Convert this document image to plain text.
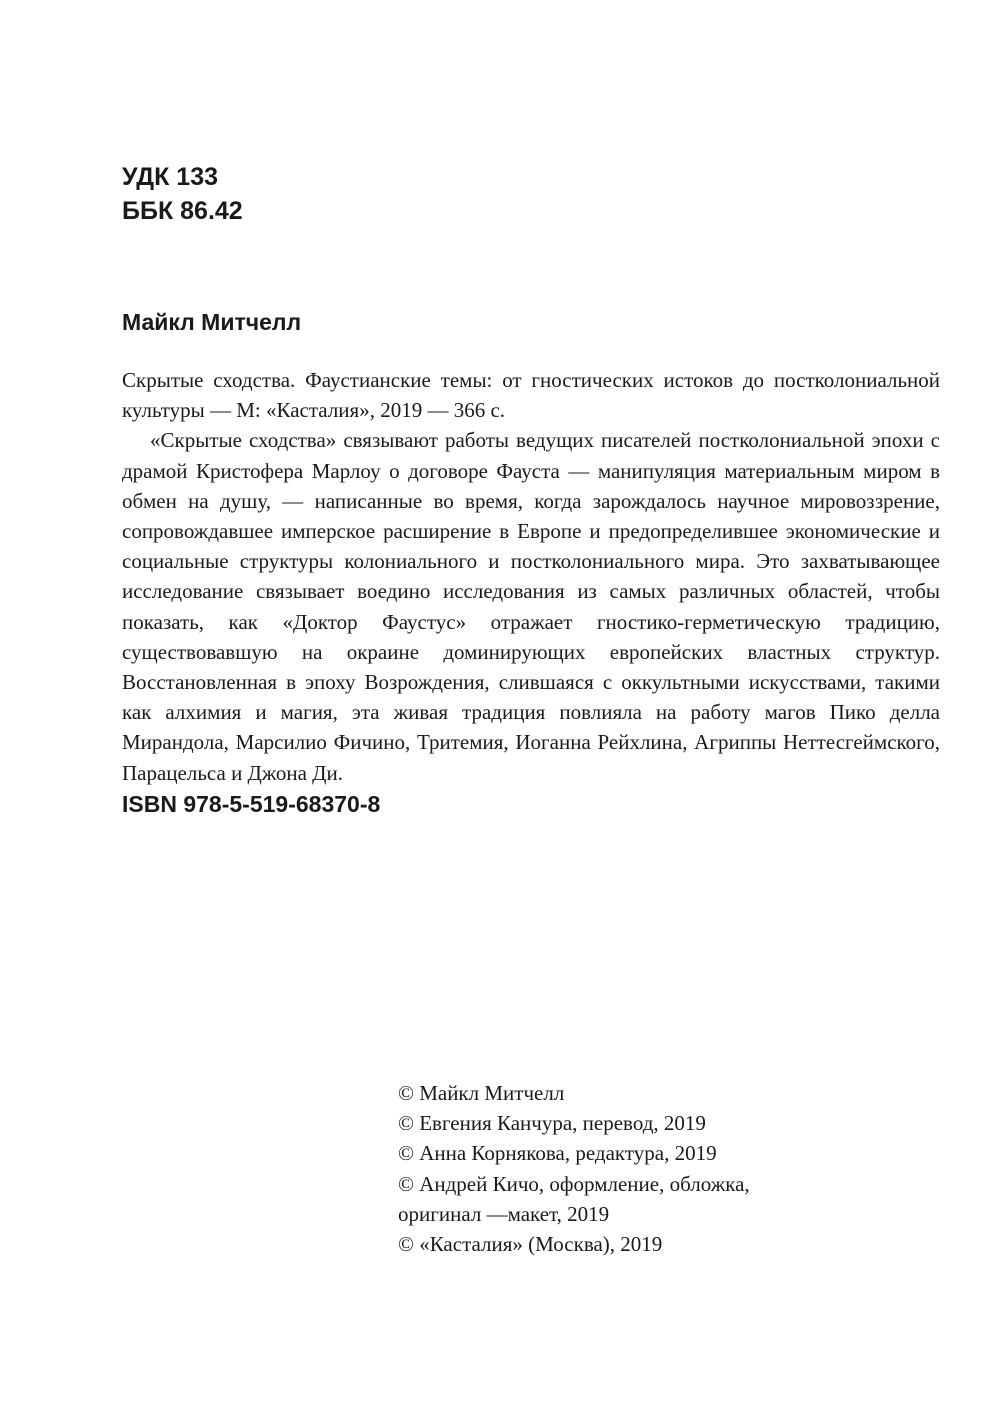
УДК 133
ББК 86.42
Майкл Митчелл

Скрытые сходства. Фаустианские темы: от гностических истоков до постколониальной культуры — М: «Касталия», 2019 — 366 с.

«Скрытые сходства» связывают работы ведущих писателей постколониальной эпохи с драмой Кристофера Марлоу о договоре Фауста — манипуляция материальным миром в обмен на душу, — написанные во время, когда зарождалось научное мировоззрение, сопровождавшее имперское расширение в Европе и предопределившее экономические и социальные структуры колониального и постколониального мира. Это захватывающее исследование связывает воедино исследования из самых различных областей, чтобы показать, как «Доктор Фаустус» отражает гностико-герметическую традицию, существовавшую на окраине доминирующих европейских властных структур. Восстановленная в эпоху Возрождения, слившаяся с оккультными искусствами, такими как алхимия и магия, эта живая традиция повлияла на работу магов Пико делла Мирандола, Марсилио Фичино, Тритемия, Иоганна Рейхлина, Агриппы Неттесгеймского, Парацельса и Джона Ди.

ISBN 978-5-519-68370-8
© Майкл Митчелл
© Евгения Канчура, перевод, 2019
© Анна Корнякова, редактура, 2019
© Андрей Кичо, оформление, обложка,
оригинал —макет, 2019
© «Касталия» (Москва), 2019
